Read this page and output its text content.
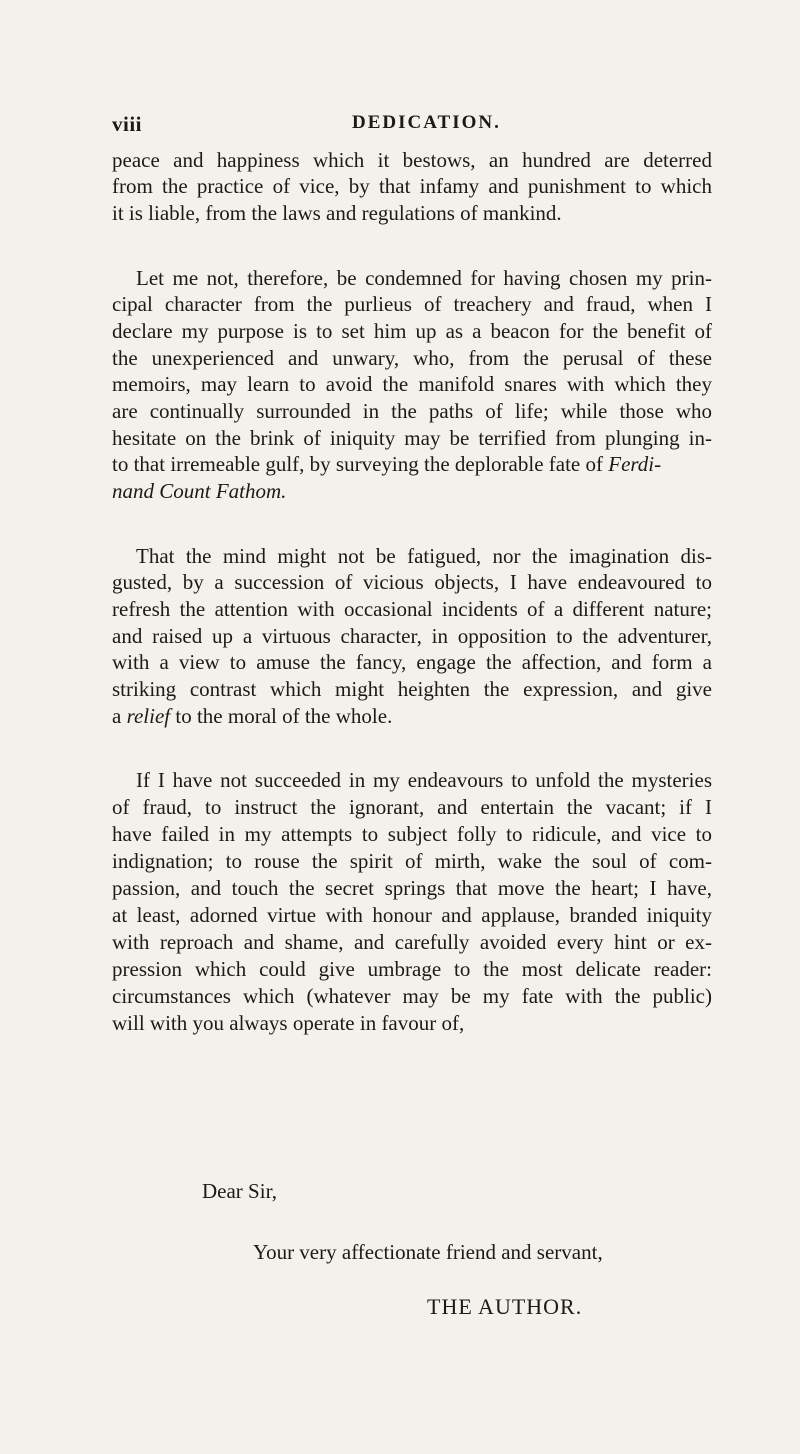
viii	DEDICATION.

peace and happiness which it bestows, an hundred are deterred

from the practice of vice, by that infamy and punishment to which

it is liable, from the laws and regulations of mankind.

Let me not, therefore, be condemned for having chosen my prin-

cipal character from the purlieus of treachery and fraud, when I

declare my purpose is to set him up as a beacon for the benefit of

the unexperienced and unwary, who, from the perusal of these

memoirs, may learn to avoid the manifold snares with which they

are continually surrounded in the paths of life; while those who

hesitate on the brink of iniquity may be terrified from plunging in-

to that irremeable gulf, by surveying the deplorable fate of Ferdi-

nand Count Fathom.

That the mind might not be fatigued, nor the imagination dis-

gusted, by a succession of vicious objects, I have endeavoured to

refresh the attention with occasional incidents of a different nature;

and raised up a virtuous character, in opposition to the adventurer,

with a view to amuse the fancy, engage the affection, and form a

striking contrast which might heighten the expression, and give

a relief to the moral of the whole.

If I have not succeeded in my endeavours to unfold the mysteries

of fraud, to instruct the ignorant, and entertain the vacant; if I

have failed in my attempts to subject folly to ridicule, and vice to

indignation; to rouse the spirit of mirth, wake the soul of com-

passion, and touch the secret springs that move the heart; I have,

at least, adorned virtue with honour and applause, branded iniquity

with reproach and shame, and carefully avoided every hint or ex-

pression which could give umbrage to the most delicate reader:

circumstances which (whatever may be my fate with the public)

will with you always operate in favour of,

Dear Sir,

Your very affectionate friend and servant,

THE AUTHOR.
